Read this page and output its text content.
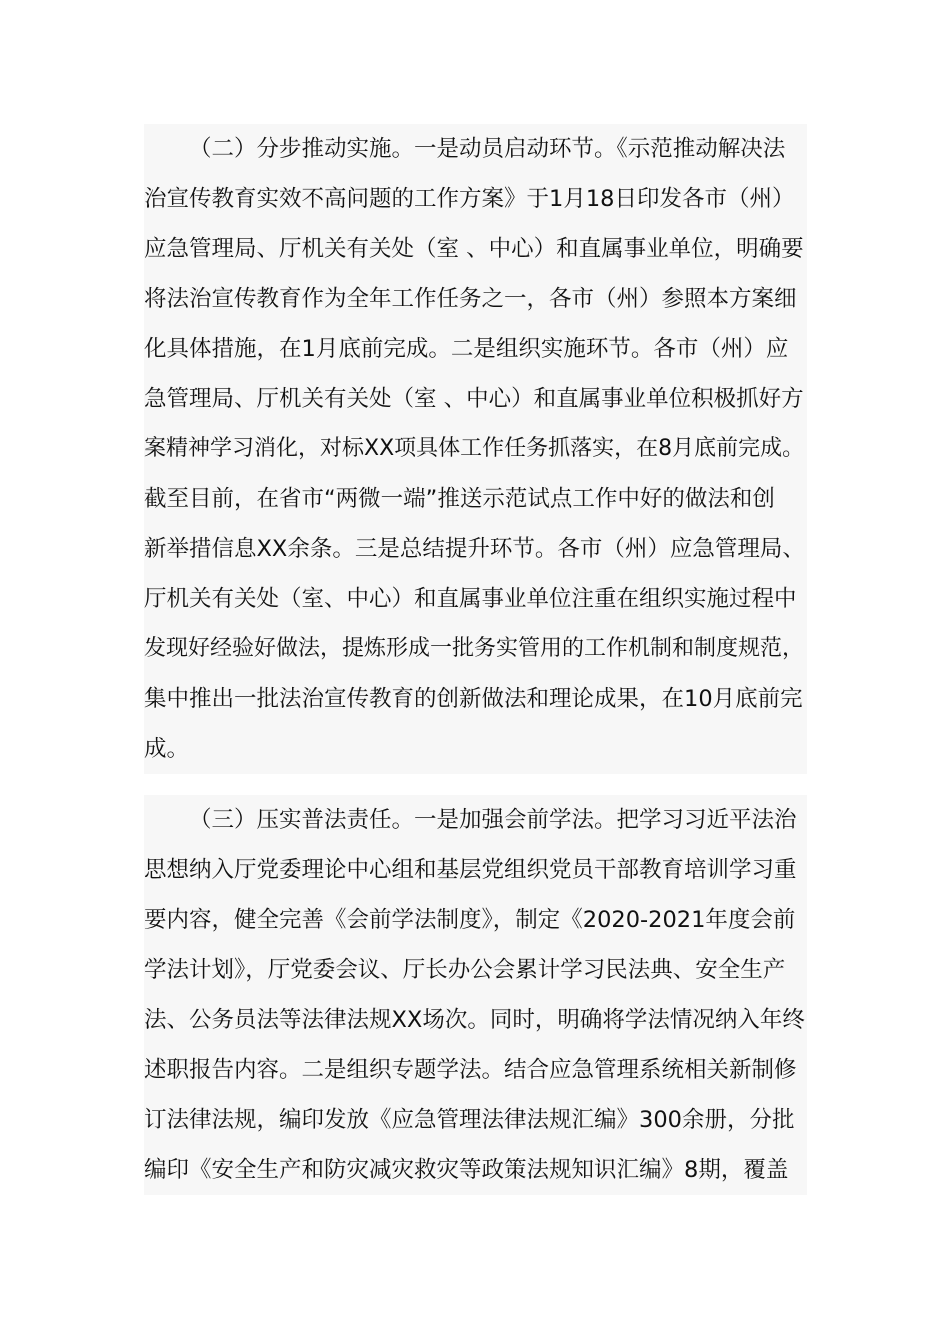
（二）分步推动实施。一是动员启动环节。《示范推动解决法
治宣传教育实效不高问题的工作方案》于1月18日印发各市（州）
应急管理局、厅机关有关处（室 、中心）和直属事业单位，明确要
将法治宣传教育作为全年工作任务之一，各市（州）参照本方案细
化具体措施，在1月底前完成。二是组织实施环节。各市（州）应
急管理局、厅机关有关处（室 、中心）和直属事业单位积极抓好方
案精神学习消化，对标XX项具体工作任务抓落实，在8月底前完成。
截至目前，在省市“两微一端”推送示范试点工作中好的做法和创
新举措信息XX余条。三是总结提升环节。各市（州）应急管理局、
厅机关有关处（室、中心）和直属事业单位注重在组织实施过程中
发现好经验好做法，提炼形成一批务实管用的工作机制和制度规范，
集中推出一批法治宣传教育的创新做法和理论成果，在10月底前完
成。
（三）压实普法责任。一是加强会前学法。把学习习近平法治
思想纳入厅党委理论中心组和基层党组织党员干部教育培训学习重
要内容，健全完善《会前学法制度》，制定《2020-2021年度会前
学法计划》，厅党委会议、厅长办公会累计学习民法典、安全生产
法、公务员法等法律法规XX场次。同时，明确将学法情况纳入年终
述职报告内容。二是组织专题学法。结合应急管理系统相关新制修
订法律法规，编印发放《应急管理法律法规汇编》300余册，分批
编印《安全生产和防灾减灾救灾等政策法规知识汇编》8期，覆盖
